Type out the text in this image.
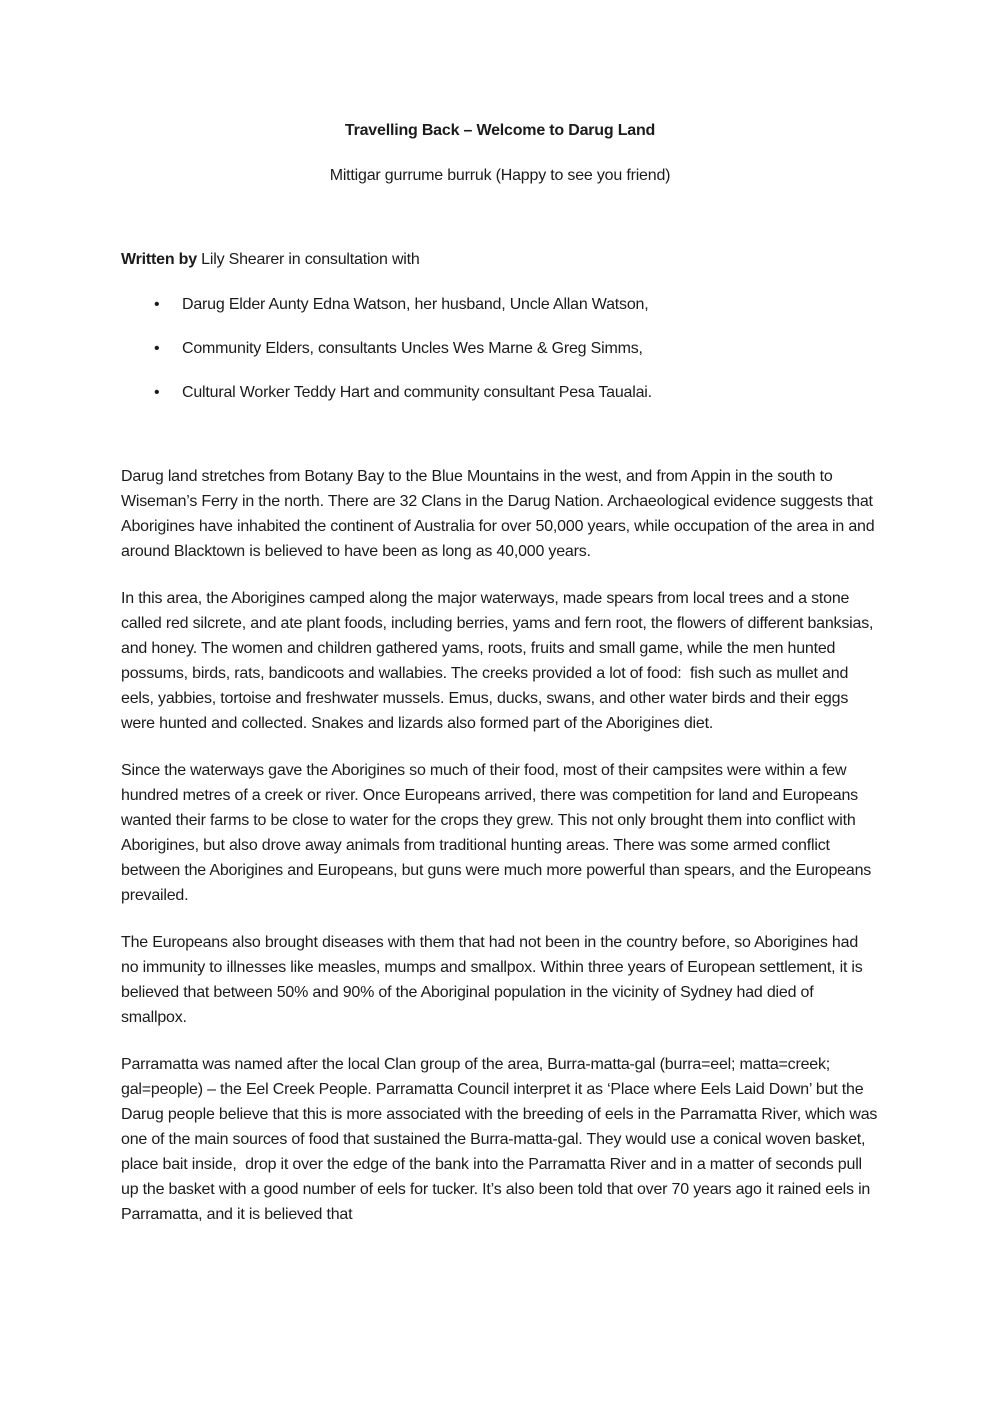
Travelling Back – Welcome to Darug Land

Mittigar gurrume burruk (Happy to see you friend)

Written by Lily Shearer in consultation with

• Darug Elder Aunty Edna Watson, her husband, Uncle Allan Watson,
• Community Elders, consultants Uncles Wes Marne & Greg Simms,
• Cultural Worker Teddy Hart and community consultant Pesa Taualai.

Darug land stretches from Botany Bay to the Blue Mountains in the west, and from Appin in the south to Wiseman’s Ferry in the north. There are 32 Clans in the Darug Nation. Archaeological evidence suggests that Aborigines have inhabited the continent of Australia for over 50,000 years, while occupation of the area in and around Blacktown is believed to have been as long as 40,000 years.

In this area, the Aborigines camped along the major waterways, made spears from local trees and a stone called red silcrete, and ate plant foods, including berries, yams and fern root, the flowers of different banksias, and honey. The women and children gathered yams, roots, fruits and small game, while the men hunted possums, birds, rats, bandicoots and wallabies. The creeks provided a lot of food:  fish such as mullet and eels, yabbies, tortoise and freshwater mussels. Emus, ducks, swans, and other water birds and their eggs were hunted and collected. Snakes and lizards also formed part of the Aborigines diet.

Since the waterways gave the Aborigines so much of their food, most of their campsites were within a few hundred metres of a creek or river. Once Europeans arrived, there was competition for land and Europeans wanted their farms to be close to water for the crops they grew. This not only brought them into conflict with Aborigines, but also drove away animals from traditional hunting areas. There was some armed conflict between the Aborigines and Europeans, but guns were much more powerful than spears, and the Europeans prevailed.

The Europeans also brought diseases with them that had not been in the country before, so Aborigines had no immunity to illnesses like measles, mumps and smallpox. Within three years of European settlement, it is believed that between 50% and 90% of the Aboriginal population in the vicinity of Sydney had died of smallpox.

Parramatta was named after the local Clan group of the area, Burra-matta-gal (burra=eel; matta=creek; gal=people) – the Eel Creek People. Parramatta Council interpret it as ‘Place where Eels Laid Down’ but the Darug people believe that this is more associated with the breeding of eels in the Parramatta River, which was one of the main sources of food that sustained the Burra-matta-gal. They would use a conical woven basket, place bait inside,  drop it over the edge of the bank into the Parramatta River and in a matter of seconds pull up the basket with a good number of eels for tucker. It’s also been told that over 70 years ago it rained eels in Parramatta, and it is believed that
